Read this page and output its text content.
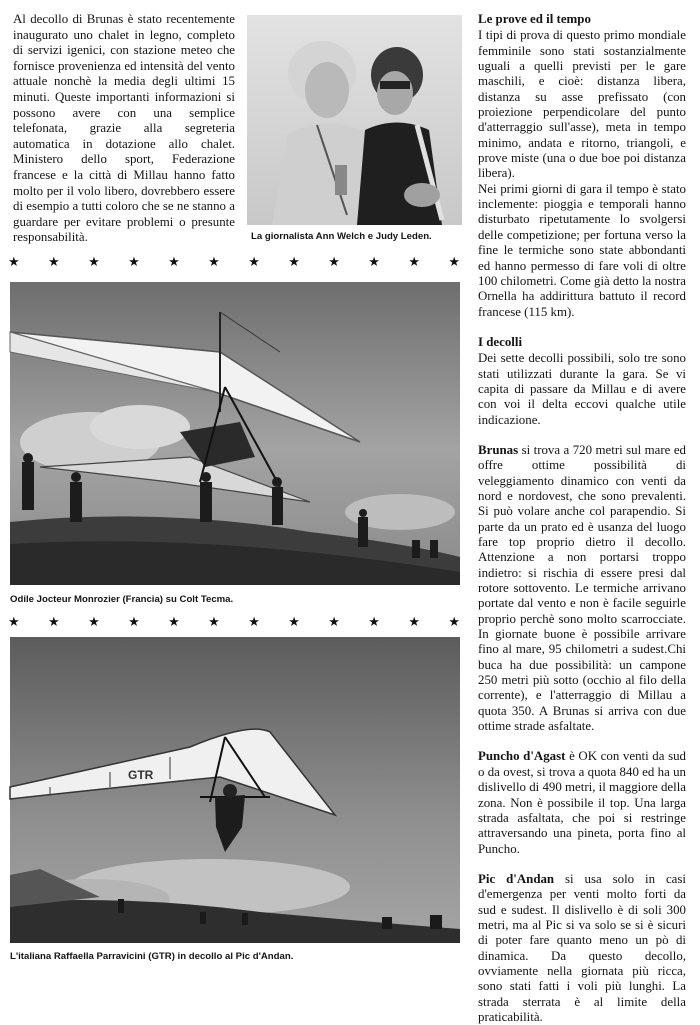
Al decollo di Brunas è stato recentemente inaugurato uno chalet in legno, completo di servizi igenici, con stazione meteo che fornisce provenienza ed intensità del vento attuale nonchè la media degli ultimi 15 minuti. Queste importanti informazioni si possono avere con una semplice telefonata, grazie alla segreteria automatica in dotazione allo chalet. Ministero dello sport, Federazione francese e la città di Millau hanno fatto molto per il volo libero, dovrebbero essere di esempio a tutti coloro che se ne stanno a guardare per evitare problemi o presunte responsabilità.	La giornalista Ann Welch e Judy Leden.
★ ★ ★ ★ ★ ★ ★ ★ ★ ★ ★ ★
Odile Jocteur Monrozier (Francia) su Colt Tecma.
★ ★ ★ ★ ★ ★ ★ ★ ★ ★ ★ ★
GTR
L'italiana Raffaella Parravicini (GTR) in decollo al Pic d'Andan.
Le prove ed il tempo

I tipi di prova di questo primo mondiale femminile sono stati sostanzialmente uguali a quelli previsti per le gare maschili, e cioè: distanza libera, distanza su asse prefissato (con proiezione perpendicolare del punto d'atterraggio sull'asse), meta in tempo minimo, andata e ritorno, triangoli, e prove miste (una o due boe poi distanza libera).

Nei primi giorni di gara il tempo è stato inclemente: pioggia e temporali hanno disturbato ripetutamente lo svolgersi delle competizione; per fortuna verso la fine le termiche sono state abbondanti ed hanno permesso di fare voli di oltre 100 chilometri. Come già detto la nostra Ornella ha addirittura battuto il record francese (115 km).

I decolli

Dei sette decolli possibili, solo tre sono stati utilizzati durante la gara. Se vi capita di passare da Millau e di avere con voi il delta eccovi qualche utile indicazione.

Brunas si trova a 720 metri sul mare ed offre ottime possibilità di veleggiamento dinamico con venti da nord e nordovest, che sono prevalenti. Si può volare anche col parapendio. Si parte da un prato ed è usanza del luogo fare top proprio dietro il decollo. Attenzione a non portarsi troppo indietro: si rischia di essere presi dal rotore sottovento. Le termiche arrivano portate dal vento e non è facile seguirle proprio perchè sono molto scarrocciate. In giornate buone è possibile arrivare fino al mare, 95 chilometri a sudest.Chi buca ha due possibilità: un campone 250 metri più sotto (occhio al filo della corrente), e l'atterraggio di Millau a quota 350. A Brunas si arriva con due ottime strade asfaltate.

Puncho d'Agast è OK con venti da sud o da ovest, si trova a quota 840 ed ha un dislivello di 490 metri, il maggiore della zona. Non è possibile il top. Una larga strada asfaltata, che poi si restringe attraversando una pineta, porta fino al Puncho.

Pic d'Andan si usa solo in casi d'emergenza per venti molto forti da sud e sudest. Il dislivello è di soli 300 metri, ma al Pic si va solo se si è sicuri di poter fare quanto meno un pò di dinamica. Da questo decollo, ovviamente nella giornata più ricca, sono stati fatti i voli più lunghi. La strada sterrata è al limite della praticabilità.
